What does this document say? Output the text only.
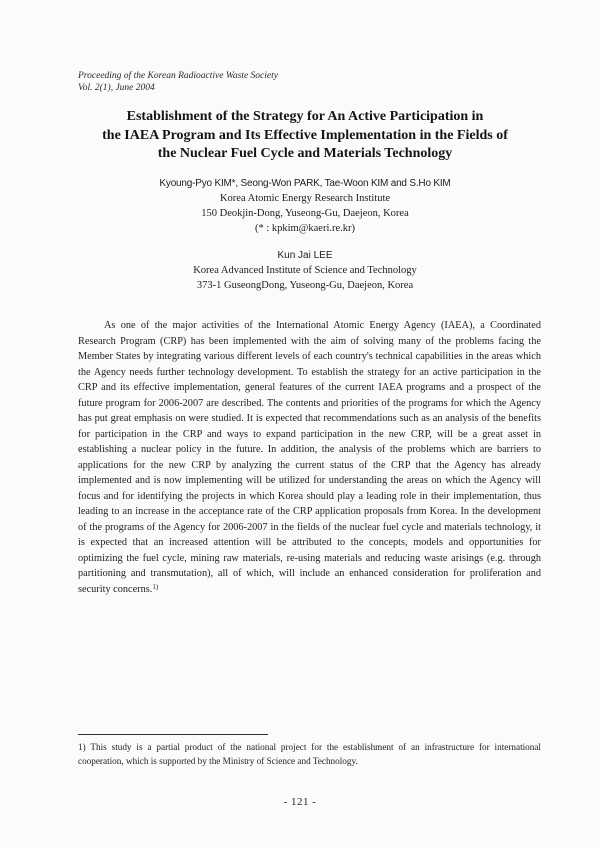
Proceeding of the Korean Radioactive Waste Society
Vol. 2(1), June 2004
Establishment of the Strategy for An Active Participation in
the IAEA Program and Its Effective Implementation in the Fields of
the Nuclear Fuel Cycle and Materials Technology
Kyoung-Pyo KIM*, Seong-Won PARK, Tae-Woon KIM and S.Ho KIM
Korea Atomic Energy Research Institute
150 Deokjin-Dong, Yuseong-Gu, Daejeon, Korea
(* : kpkim@kaeri.re.kr)
Kun Jai LEE
Korea Advanced Institute of Science and Technology
373-1 GuseongDong, Yuseong-Gu, Daejeon, Korea

As one of the major activities of the International Atomic Energy Agency (IAEA), a Coordinated Research Program (CRP) has been implemented with the aim of solving many of the problems facing the Member States by integrating various different levels of each country's technical capabilities in the areas which the Agency needs further technology development. To establish the strategy for an active participation in the CRP and its effective implementation, general features of the current IAEA programs and a prospect of the future program for 2006-2007 are described. The contents and priorities of the programs for which the Agency has put great emphasis on were studied. It is expected that recommendations such as an analysis of the benefits for participation in the CRP and ways to expand participation in the new CRP, will be a great asset in establishing a nuclear policy in the future. In addition, the analysis of the problems which are barriers to applications for the new CRP by analyzing the current status of the CRP that the Agency has already implemented and is now implementing will be utilized for understanding the areas on which the Agency will focus and for identifying the projects in which Korea should play a leading role in their implementation, thus leading to an increase in the acceptance rate of the CRP application proposals from Korea. In the development of the programs of the Agency for 2006-2007 in the fields of the nuclear fuel cycle and materials technology, it is expected that an increased attention will be attributed to the concepts, models and opportunities for optimizing the fuel cycle, mining raw materials, re-using materials and reducing waste arisings (e.g. through partitioning and transmutation), all of which, will include an enhanced consideration for proliferation and security concerns.$^{1)}$

1) This study is a partial product of the national project for the establishment of an infrastructure for international cooperation, which is supported by the Ministry of Science and Technology.
- 121 -
